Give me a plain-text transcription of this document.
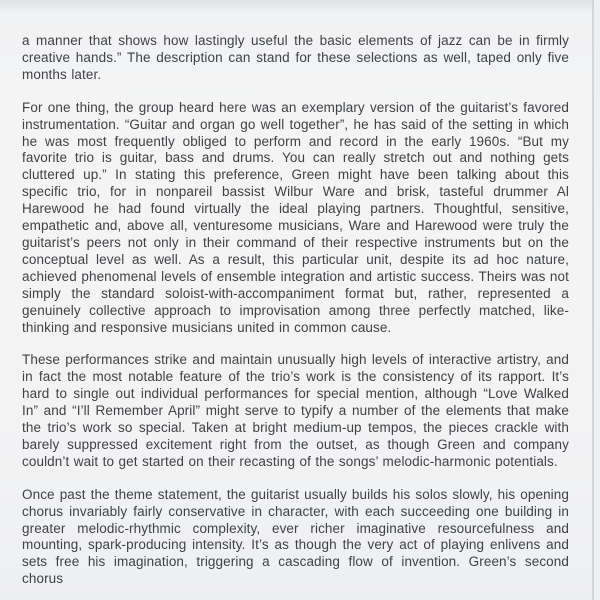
a manner that shows how lastingly useful the basic elements of jazz can be in firmly creative hands.” The description can stand for these selections as well, taped only five months later.

For one thing, the group heard here was an exemplary version of the guitarist’s favored instrumentation. “Guitar and organ go well together”, he has said of the setting in which he was most frequently obliged to perform and record in the early 1960s. “But my favorite trio is guitar, bass and drums. You can really stretch out and nothing gets cluttered up.” In stating this preference, Green might have been talking about this specific trio, for in nonpareil bassist Wilbur Ware and brisk, tasteful drummer Al Harewood he had found virtually the ideal playing partners. Thoughtful, sensitive, empathetic and, above all, venturesome musicians, Ware and Harewood were truly the guitarist’s peers not only in their command of their respective instruments but on the conceptual level as well. As a result, this particular unit, despite its ad hoc nature, achieved phenomenal levels of ensemble integration and artistic success. Theirs was not simply the standard soloist-with-accompaniment format but, rather, represented a genuinely collective approach to improvisation among three perfectly matched, like-thinking and responsive musicians united in common cause.

These performances strike and maintain unusually high levels of interactive artistry, and in fact the most notable feature of the trio’s work is the consistency of its rapport. It’s hard to single out individual performances for special mention, although “Love Walked In” and “I’ll Remember April” might serve to typify a number of the elements that make the trio’s work so special. Taken at bright medium-up tempos, the pieces crackle with barely suppressed excitement right from the outset, as though Green and company couldn’t wait to get started on their recasting of the songs’ melodic-harmonic potentials.

Once past the theme statement, the guitarist usually builds his solos slowly, his opening chorus invariably fairly conservative in character, with each succeeding one building in greater melodic-rhythmic complexity, ever richer imaginative resourcefulness and mounting, spark-producing intensity. It’s as though the very act of playing enlivens and sets free his imagination, triggering a cascading flow of invention. Green’s second chorus
